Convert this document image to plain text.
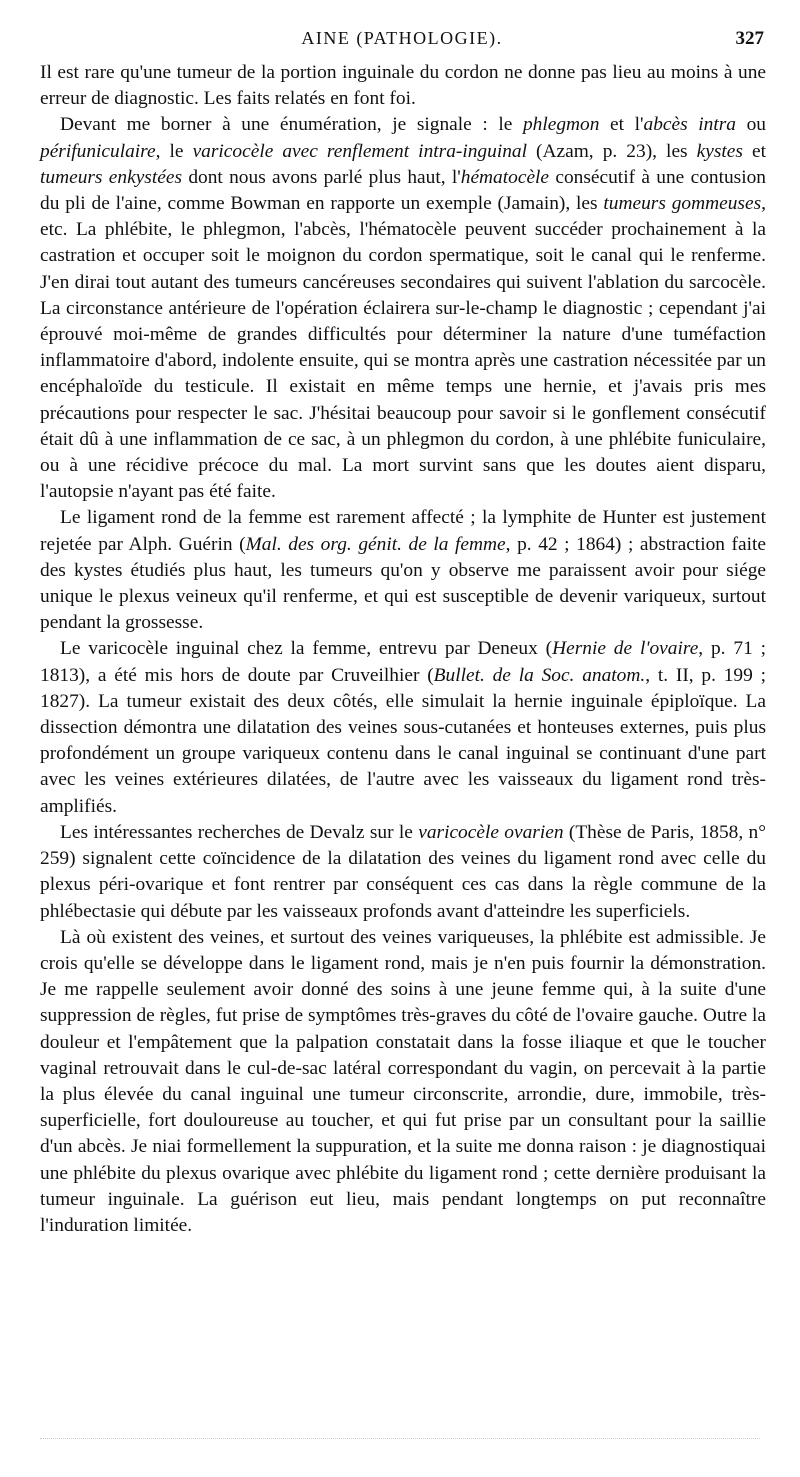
AINE (PATHOLOGIE).	327

Il est rare qu'une tumeur de la portion inguinale du cordon ne donne pas lieu au moins à une erreur de diagnostic. Les faits relatés en font foi.

Devant me borner à une énumération, je signale : le phlegmon et l'abcès intra ou périfuniculaire, le varicocèle avec renflement intra-inguinal (Azam, p. 23), les kystes et tumeurs enkystées dont nous avons parlé plus haut, l'hématocèle consécutif à une contusion du pli de l'aine, comme Bowman en rapporte un exemple (Jamain), les tumeurs gommeuses, etc. La phlébite, le phlegmon, l'abcès, l'hématocèle peuvent succéder prochainement à la castration et occuper soit le moignon du cordon spermatique, soit le canal qui le renferme. J'en dirai tout autant des tumeurs cancéreuses secondaires qui suivent l'ablation du sarcocèle. La circonstance antérieure de l'opération éclairera sur-le-champ le diagnostic ; cependant j'ai éprouvé moi-même de grandes difficultés pour déterminer la nature d'une tuméfaction inflammatoire d'abord, indolente ensuite, qui se montra après une castration nécessitée par un encéphaloïde du testicule. Il existait en même temps une hernie, et j'avais pris mes précautions pour respecter le sac. J'hésitai beaucoup pour savoir si le gonflement consécutif était dû à une inflammation de ce sac, à un phlegmon du cordon, à une phlébite funiculaire, ou à une récidive précoce du mal. La mort survint sans que les doutes aient disparu, l'autopsie n'ayant pas été faite.

Le ligament rond de la femme est rarement affecté ; la lymphite de Hunter est justement rejetée par Alph. Guérin (Mal. des org. génit. de la femme, p. 42 ; 1864) ; abstraction faite des kystes étudiés plus haut, les tumeurs qu'on y observe me paraissent avoir pour siége unique le plexus veineux qu'il renferme, et qui est susceptible de devenir variqueux, surtout pendant la grossesse.

Le varicocèle inguinal chez la femme, entrevu par Deneux (Hernie de l'ovaire, p. 71 ; 1813), a été mis hors de doute par Cruveilhier (Bullet. de la Soc. anatom., t. II, p. 199 ; 1827). La tumeur existait des deux côtés, elle simulait la hernie inguinale épiploïque. La dissection démontra une dilatation des veines sous-cutanées et honteuses externes, puis plus profondément un groupe variqueux contenu dans le canal inguinal se continuant d'une part avec les veines extérieures dilatées, de l'autre avec les vaisseaux du ligament rond très-amplifiés.

Les intéressantes recherches de Devalz sur le varicocèle ovarien (Thèse de Paris, 1858, n° 259) signalent cette coïncidence de la dilatation des veines du ligament rond avec celle du plexus péri-ovarique et font rentrer par conséquent ces cas dans la règle commune de la phlébectasie qui débute par les vaisseaux profonds avant d'atteindre les superficiels.

Là où existent des veines, et surtout des veines variqueuses, la phlébite est admissible. Je crois qu'elle se développe dans le ligament rond, mais je n'en puis fournir la démonstration. Je me rappelle seulement avoir donné des soins à une jeune femme qui, à la suite d'une suppression de règles, fut prise de symptômes très-graves du côté de l'ovaire gauche. Outre la douleur et l'empâtement que la palpation constatait dans la fosse iliaque et que le toucher vaginal retrouvait dans le cul-de-sac latéral correspondant du vagin, on percevait à la partie la plus élevée du canal inguinal une tumeur circonscrite, arrondie, dure, immobile, très-superficielle, fort douloureuse au toucher, et qui fut prise par un consultant pour la saillie d'un abcès. Je niai formellement la suppuration, et la suite me donna raison : je diagnostiquai une phlébite du plexus ovarique avec phlébite du ligament rond ; cette dernière produisant la tumeur inguinale. La guérison eut lieu, mais pendant longtemps on put reconnaître l'induration limitée.
